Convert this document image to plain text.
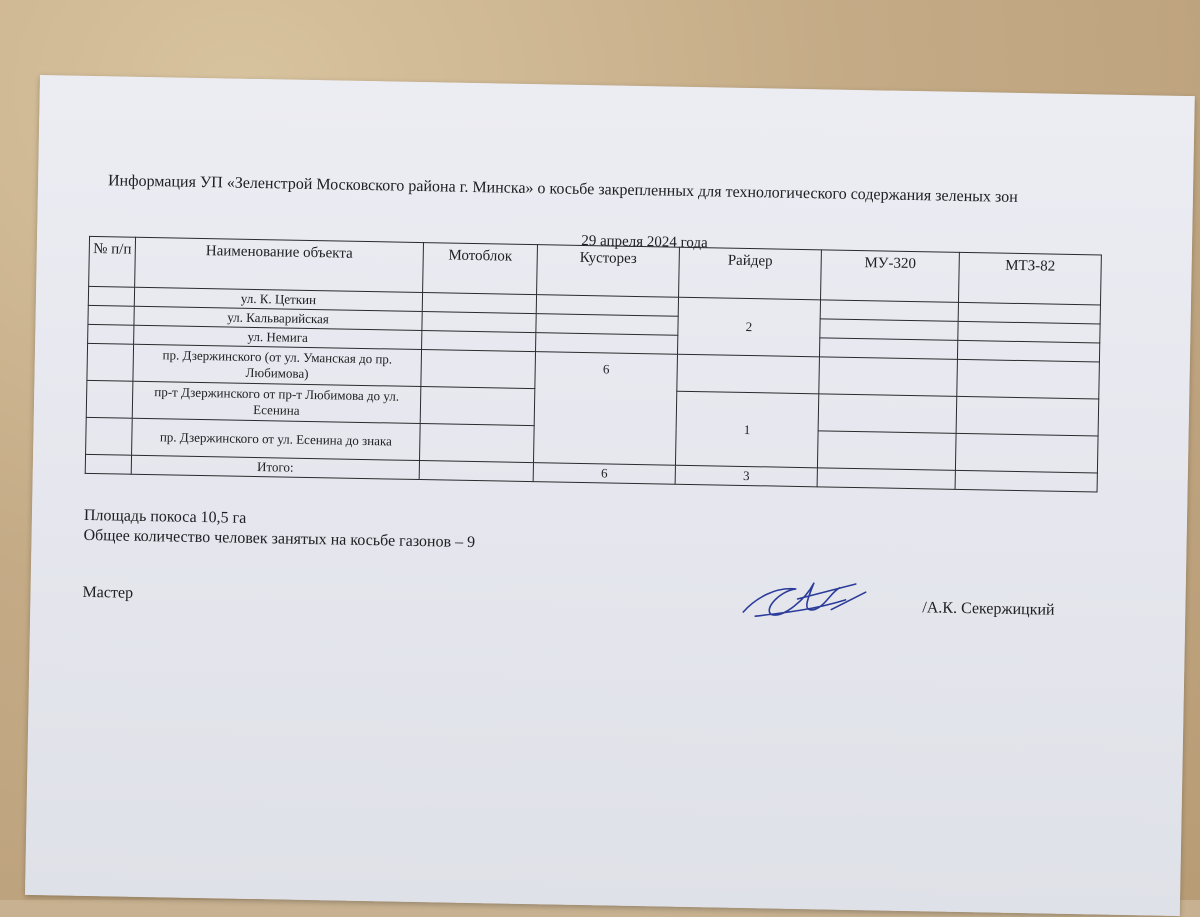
Информация УП «Зеленстрой Московского района г. Минска» о косьбе закрепленных для технологического содержания зеленых зон

29 апреля 2024 года
№ п/п	Наименование объекта	Мотоблок	Кусторез	Райдер	МУ-320	МТЗ-82
	ул. К. Цеткин			2		
	ул. Кальварийская					
	ул. Немига					
	пр. Дзержинского (от ул. Уманская до пр. Любимова)		6			
	пр-т Дзержинского от пр-т Любимова до ул. Есенина			1		
	пр. Дзержинского от ул. Есенина до знака					
	Итого:		6	3		
Площадь покоса 10,5 га
Общее количество человек занятых на косьбе газонов – 9
Мастер
/А.К. Секержицкий
